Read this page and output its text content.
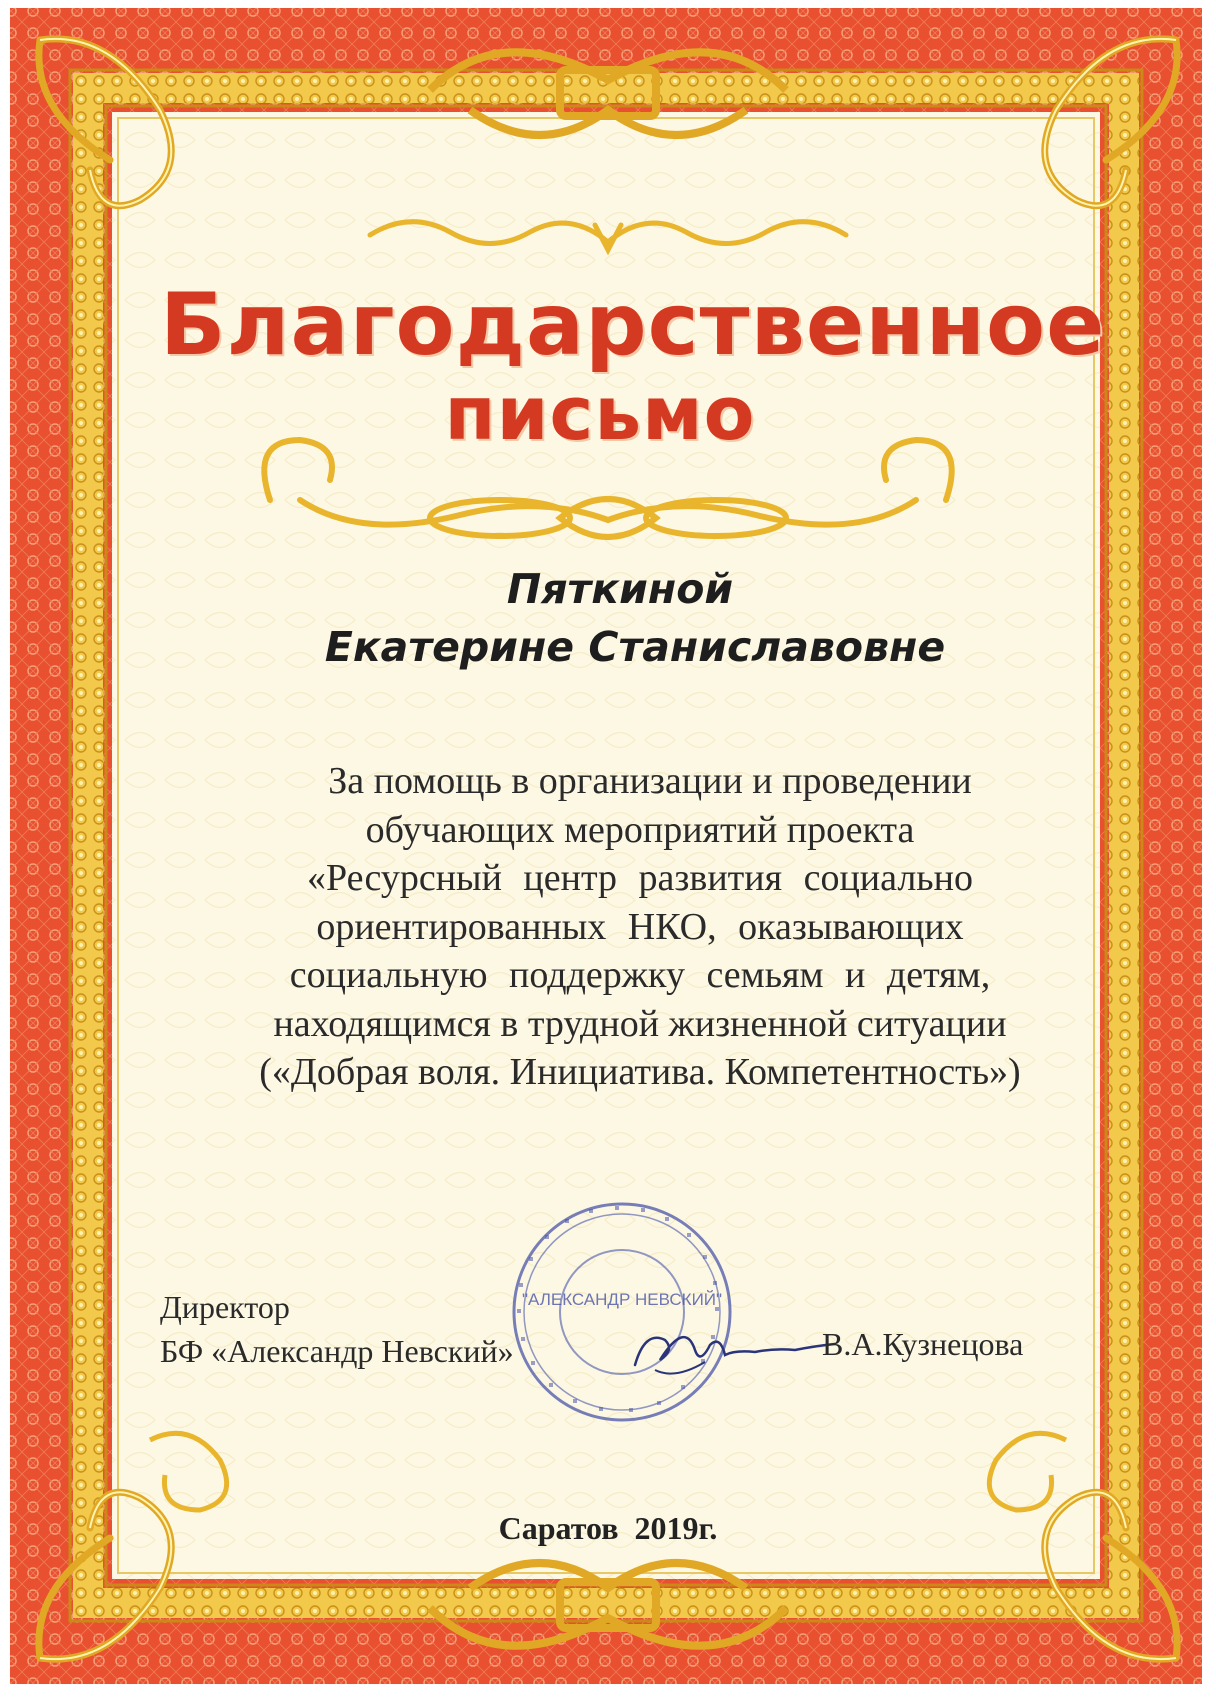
Благодарственное
письмо
Пяткиной
Екатерине Станиславовне
За помощь в организации и проведении
обучающих мероприятий проекта
«Ресурсный центр развития социально
ориентированных НКО, оказывающих
социальную поддержку семьям и детям,
находящимся в трудной жизненной ситуации
(«Добрая воля. Инициатива. Компетентность»)
Директор
БФ «Александр Невский»
"АЛЕКСАНДР НЕВСКИЙ"
В.А.Кузнецова
Саратов 2019г.
